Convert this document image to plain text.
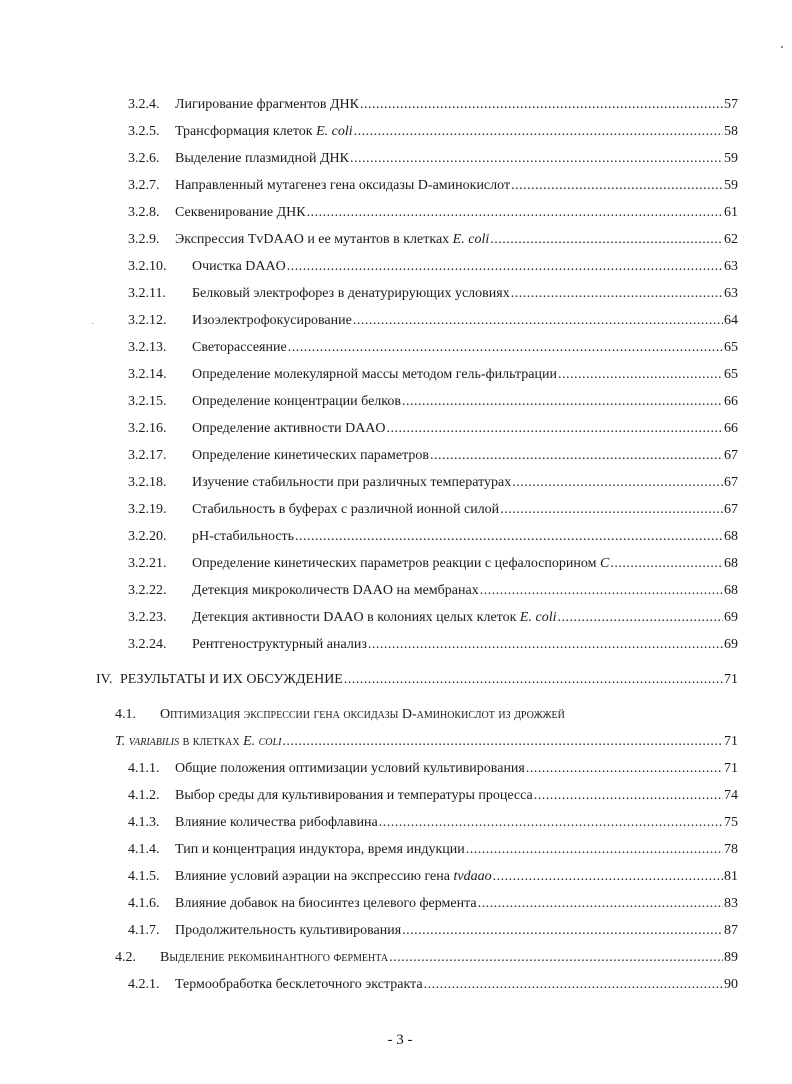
3.2.4.	Лигирование фрагментов ДНК .....	57
3.2.5.	Трансформация клеток E. coli .....	58
3.2.6.	Выделение плазмидной ДНК .....	59
3.2.7.	Направленный мутагенез гена оксидазы D-аминокислот .....	59
3.2.8.	Секвенирование ДНК .....	61
3.2.9.	Экспрессия TvDAAO и ее мутантов в клетках E. coli .....	62
3.2.10.	Очистка DAAO .....	63
3.2.11.	Белковый электрофорез в денатурирующих условиях .....	63
3.2.12.	Изоэлектрофокусирование .....	64
3.2.13.	Светорассеяние .....	65
3.2.14.	Определение молекулярной массы методом гель-фильтрации .....	65
3.2.15.	Определение концентрации белков .....	66
3.2.16.	Определение активности DAAO .....	66
3.2.17.	Определение кинетических параметров .....	67
3.2.18.	Изучение стабильности при различных температурах .....	67
3.2.19.	Стабильность в буферах с различной ионной силой .....	67
3.2.20.	pH-стабильность .....	68
3.2.21.	Определение кинетических параметров реакции с цефалоспорином C .....	68
3.2.22.	Детекция микроколичеств DAAO на мембранах .....	68
3.2.23.	Детекция активности DAAO в колониях целых клеток E. coli .....	69
3.2.24.	Рентгеноструктурный анализ .....	69
IV. РЕЗУЛЬТАТЫ И ИХ ОБСУЖДЕНИЕ .....	71
4.1.	Оптимизация экспрессии гена оксидазы D-аминокислот из дрожжей
T. variabilis в клетках E. coli .....	71
4.1.1.	Общие положения оптимизации условий культивирования .....	71
4.1.2.	Выбор среды для культивирования и температуры процесса .....	74
4.1.3.	Влияние количества рибофлавина .....	75
4.1.4.	Тип и концентрация индуктора, время индукции .....	78
4.1.5.	Влияние условий аэрации на экспрессию гена tvdaao .....	81
4.1.6.	Влияние добавок на биосинтез целевого фермента .....	83
4.1.7.	Продолжительность культивирования .....	87
4.2.	Выделение рекомбинантного фермента .....	89
4.2.1.	Термообработка бесклеточного экстракта .....	90
- 3 -
